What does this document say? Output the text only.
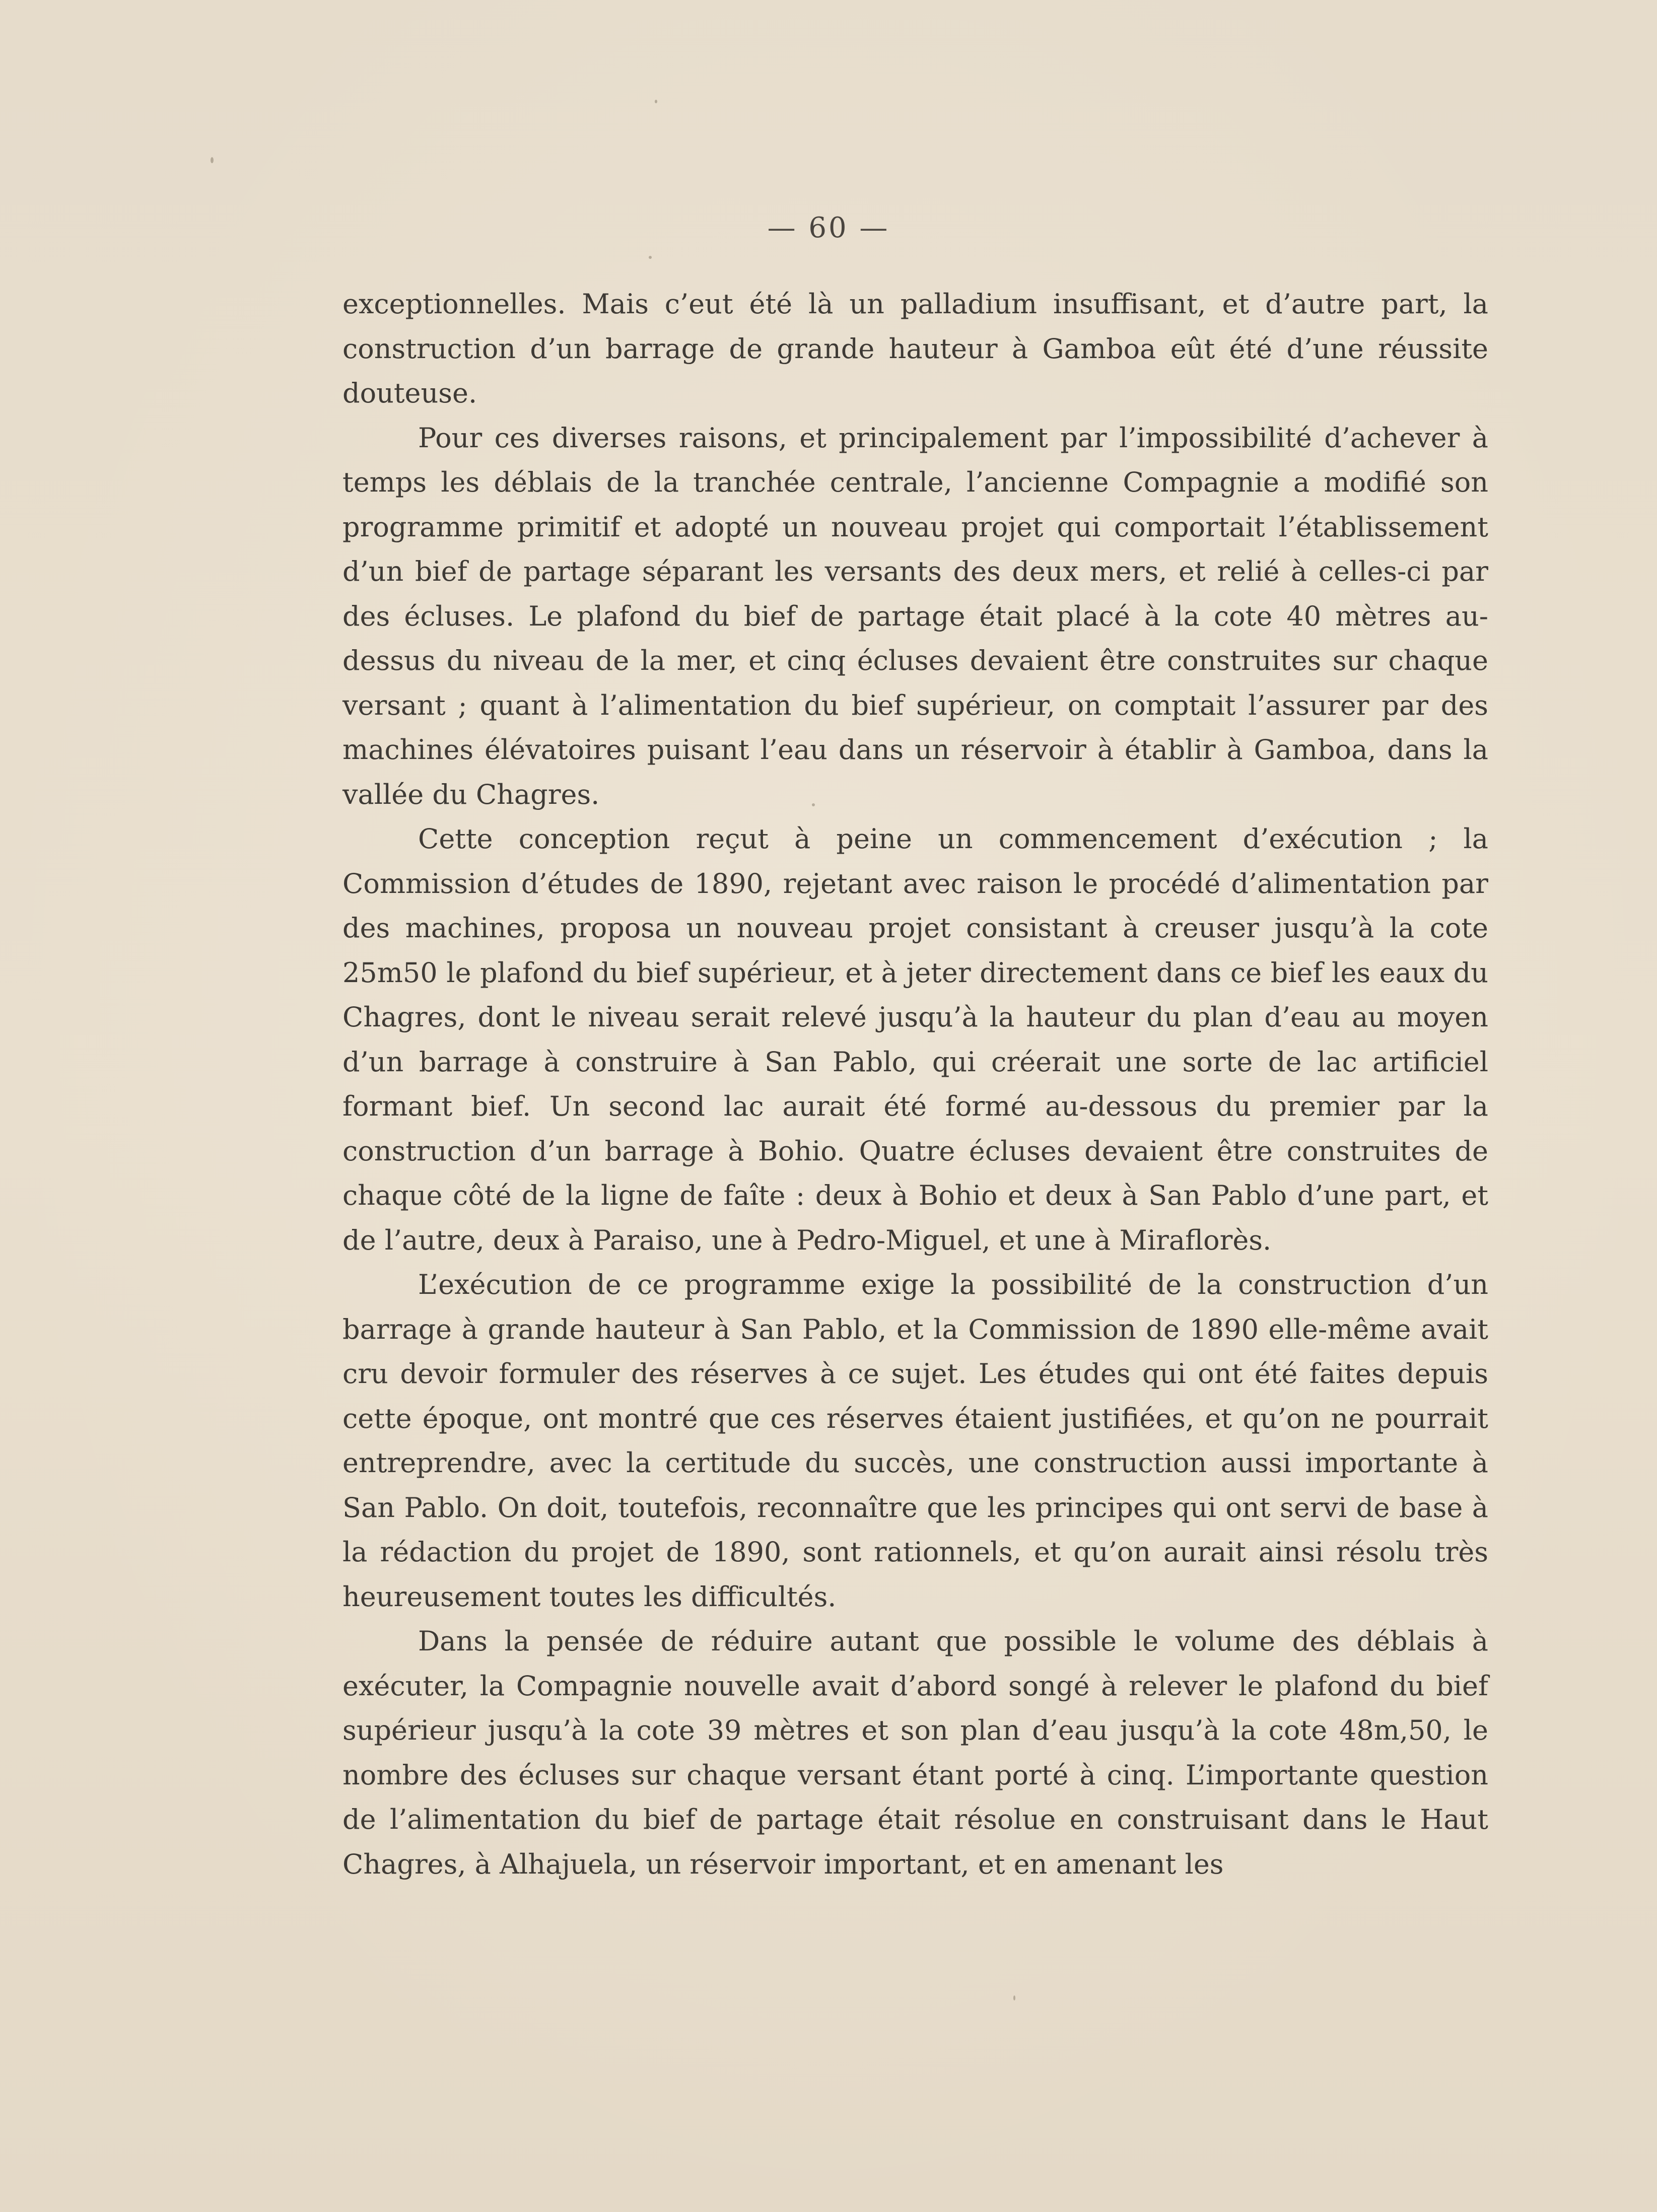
— 60 —

exceptionnelles. Mais c’eut été là un palladium insuffisant, et d’autre part, la construction d’un barrage de grande hauteur à Gamboa eût été d’une réussite douteuse.

Pour ces diverses raisons, et principalement par l’impossibilité d’achever à temps les déblais de la tranchée centrale, l’ancienne Compagnie a modifié son programme primitif et adopté un nouveau projet qui comportait l’établissement d’un bief de partage séparant les versants des deux mers, et relié à celles-ci par des écluses. Le plafond du bief de partage était placé à la cote 40 mètres au-dessus du niveau de la mer, et cinq écluses devaient être construites sur chaque versant ; quant à l’alimentation du bief supérieur, on comptait l’assurer par des machines élévatoires puisant l’eau dans un réservoir à établir à Gamboa, dans la vallée du Chagres.

Cette conception reçut à peine un commencement d’exécution ; la Commission d’études de 1890, rejetant avec raison le procédé d’alimentation par des machines, proposa un nouveau projet consistant à creuser jusqu’à la cote 25m50 le plafond du bief supérieur, et à jeter directement dans ce bief les eaux du Chagres, dont le niveau serait relevé jusqu’à la hauteur du plan d’eau au moyen d’un barrage à construire à San Pablo, qui créerait une sorte de lac artificiel formant bief. Un second lac aurait été formé au-dessous du premier par la construction d’un barrage à Bohio. Quatre écluses devaient être construites de chaque côté de la ligne de faîte : deux à Bohio et deux à San Pablo d’une part, et de l’autre, deux à Paraiso, une à Pedro-Miguel, et une à Miraflorès.

L’exécution de ce programme exige la possibilité de la construction d’un barrage à grande hauteur à San Pablo, et la Commission de 1890 elle-même avait cru devoir formuler des réserves à ce sujet. Les études qui ont été faites depuis cette époque, ont montré que ces réserves étaient justifiées, et qu’on ne pourrait entreprendre, avec la certitude du succès, une construction aussi importante à San Pablo. On doit, toutefois, reconnaître que les principes qui ont servi de base à la rédaction du projet de 1890, sont rationnels, et qu’on aurait ainsi résolu très heureusement toutes les difficultés.

Dans la pensée de réduire autant que possible le volume des déblais à exécuter, la Compagnie nouvelle avait d’abord songé à relever le plafond du bief supérieur jusqu’à la cote 39 mètres et son plan d’eau jusqu’à la cote 48m,50, le nombre des écluses sur chaque versant étant porté à cinq. L’importante question de l’alimentation du bief de partage était résolue en construisant dans le Haut Chagres, à Alhajuela, un réservoir important, et en amenant les
